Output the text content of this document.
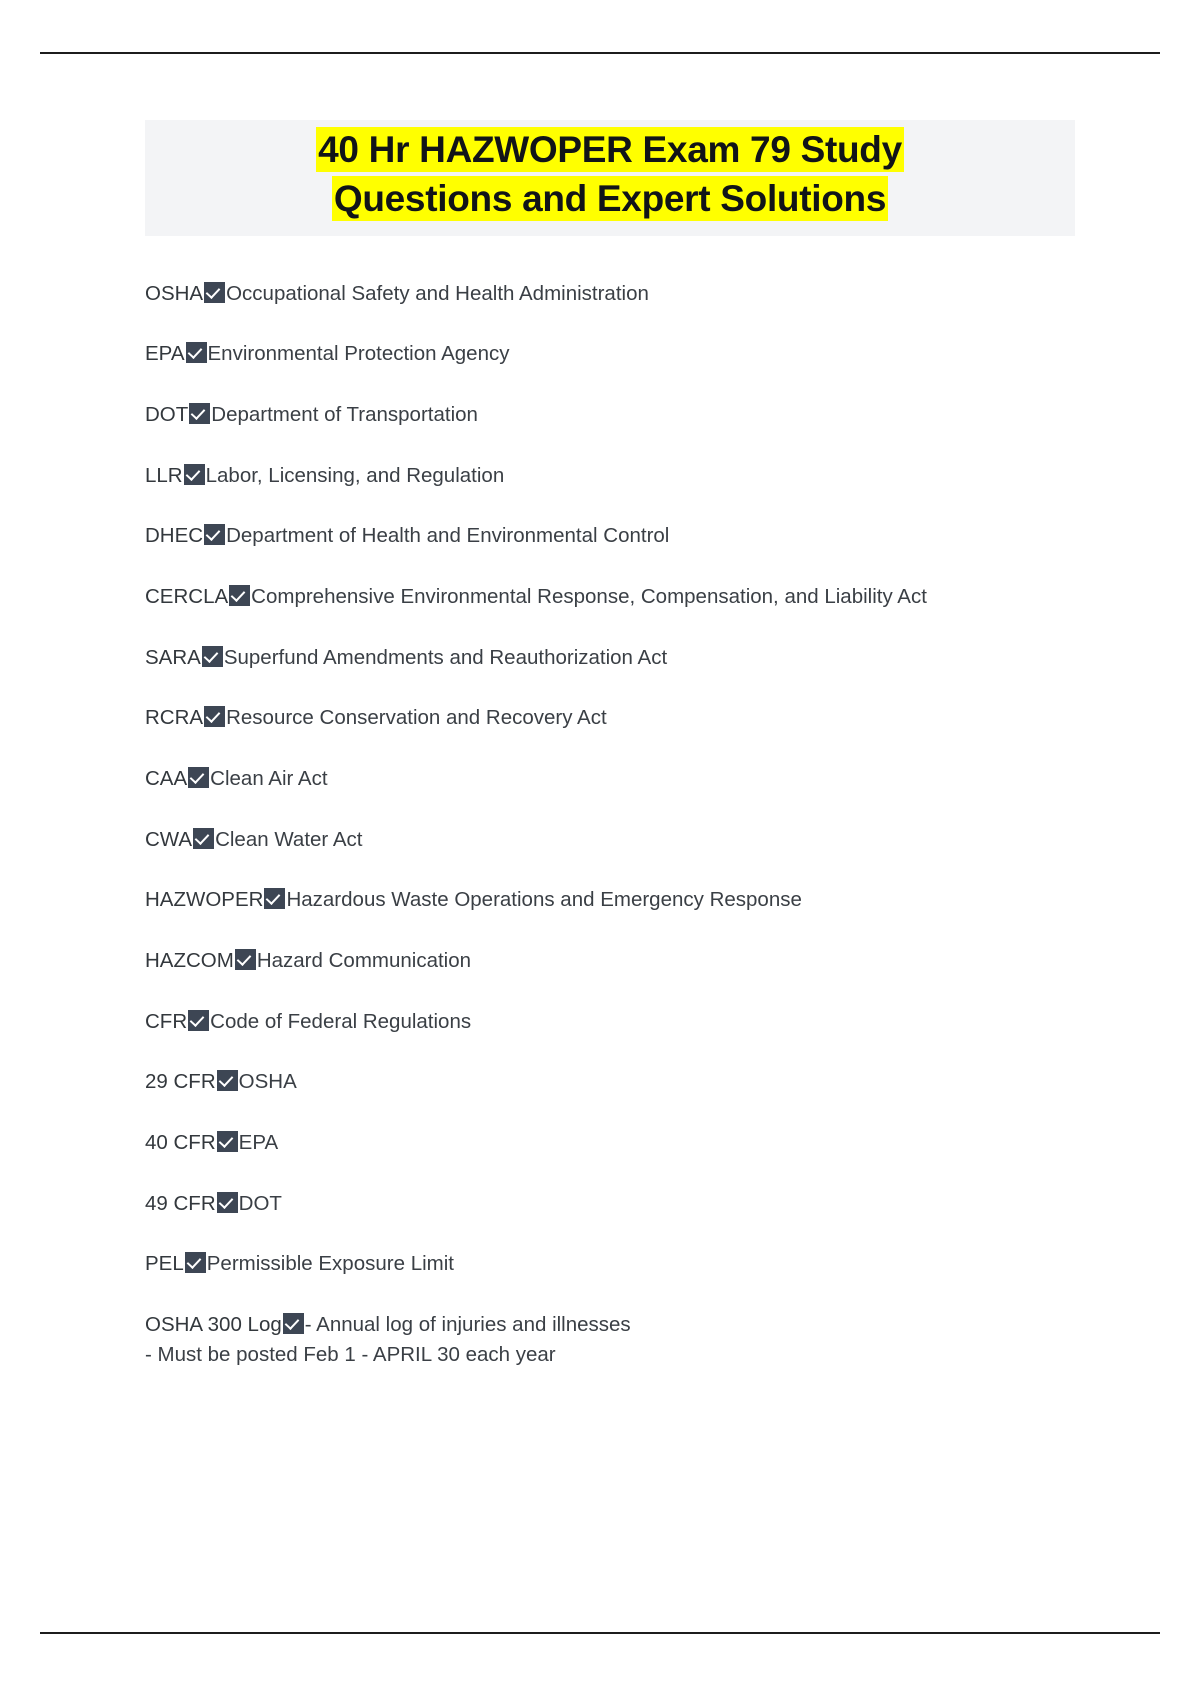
40 Hr HAZWOPER Exam 79 Study
Questions and Expert Solutions
OSHA Occupational Safety and Health Administration
EPA Environmental Protection Agency
DOT Department of Transportation
LLR Labor, Licensing, and Regulation
DHEC Department of Health and Environmental Control
CERCLA Comprehensive Environmental Response, Compensation, and Liability Act
SARA Superfund Amendments and Reauthorization Act
RCRA Resource Conservation and Recovery Act
CAA Clean Air Act
CWA Clean Water Act
HAZWOPER Hazardous Waste Operations and Emergency Response
HAZCOM Hazard Communication
CFR Code of Federal Regulations
29 CFR OSHA
40 CFR EPA
49 CFR DOT
PEL Permissible Exposure Limit
OSHA 300 Log - Annual log of injuries and illnesses
- Must be posted Feb 1 - APRIL 30 each year
